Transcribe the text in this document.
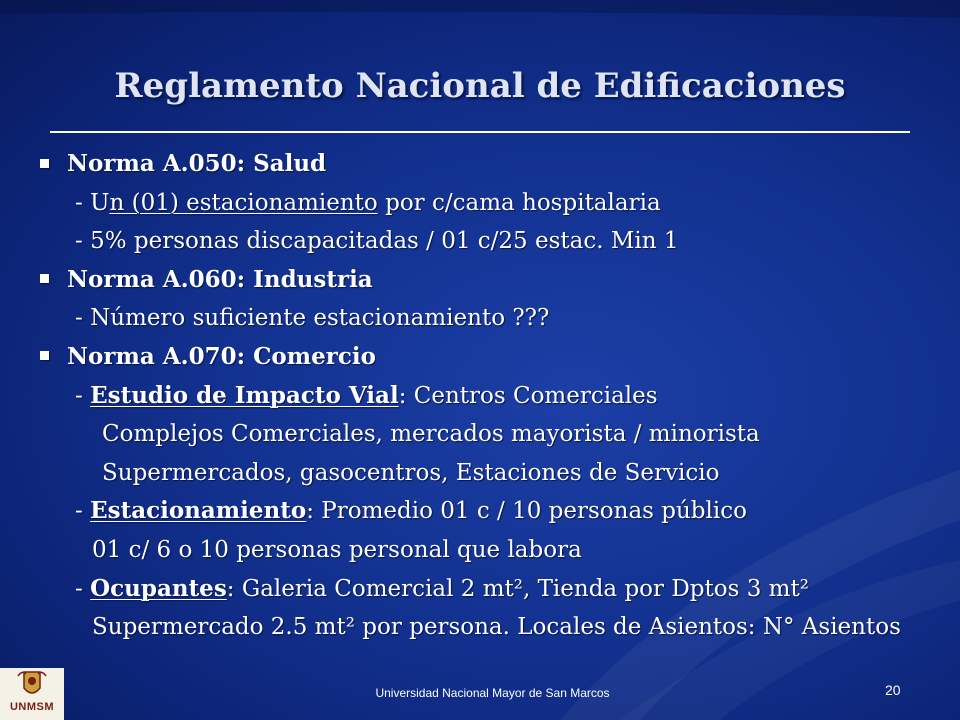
Reglamento Nacional de Edificaciones
Norma A.050: Salud
- Un (01) estacionamiento por c/cama hospitalaria
- 5% personas discapacitadas / 01 c/25 estac. Min 1
Norma A.060: Industria
- Número suficiente estacionamiento ???
Norma A.070: Comercio
- Estudio de Impacto Vial: Centros Comerciales
Complejos Comerciales, mercados mayorista / minorista
Supermercados, gasocentros, Estaciones de Servicio
- Estacionamiento: Promedio 01 c / 10 personas público
01 c/ 6 o 10 personas personal que labora
- Ocupantes: Galeria Comercial 2 mt², Tienda por Dptos 3 mt²
Supermercado 2.5 mt² por persona. Locales de Asientos: N° Asientos
UNMSM
Universidad Nacional Mayor de San Marcos	20
